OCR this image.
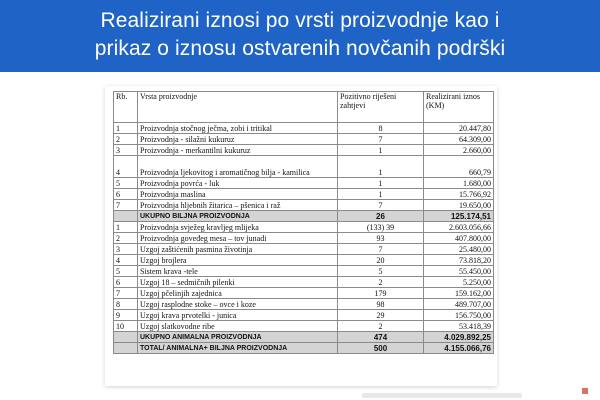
Realizirani iznosi po vrsti proizvodnje kao i
prikaz o iznosu ostvarenih novčanih podrški
Rb.	Vrsta proizvodnje	Pozitivno riješeni zahtjevi	Realizirani iznos (KM)
1	Proizvodnja stočnog ječma, zobi i tritikal	8	20.447,80
2	Proizvodnja - silažni kukuruz	7	64.309,00
3	Proizvodnja - merkantilni kukuruz	1	2.660,00
4	Proizvodnja ljekovitog i aromatičnog bilja - kamilica	1	660,79
5	Proizvodnja povrća - luk	1	1.680,00
6	Proizvodnja maslina	1	15.766,92
7	Proizvodnja hljebnih žitarica – pšenica i raž	7	19.650,00
	UKUPNO BILJNA PROIZVODNJA	26	125.174,51
1	Proizvodnja svježeg kravljeg mlijeka	(133) 39	2.603.056,66
2	Proizvodnja goveđeg mesa – tov junadi	93	407.800,00
3	Uzgoj zaštićenih pasmina životinja	7	25.480,00
4	Uzgoj brojlera	20	73.818,20
5	Sistem krava -tele	5	55.450,00
6	Uzgoj 18 – sedmičnih pilenki	2	5.250,00
7	Uzgoj pčelinjih zajednica	179	159.162,00
8	Uzgoj rasplodne stoke – ovce i koze	98	489.707,00
9	Uzgoj krava prvotelki - junica	29	156.750,00
10	Uzgoj slatkovodne ribe	2	53.418,39
	UKUPNO ANIMALNA PROIZVODNJA	474	4.029.892,25
	TOTAL/ ANIMALNA+ BILJNA PROIZVODNJA	500	4.155.066,76
